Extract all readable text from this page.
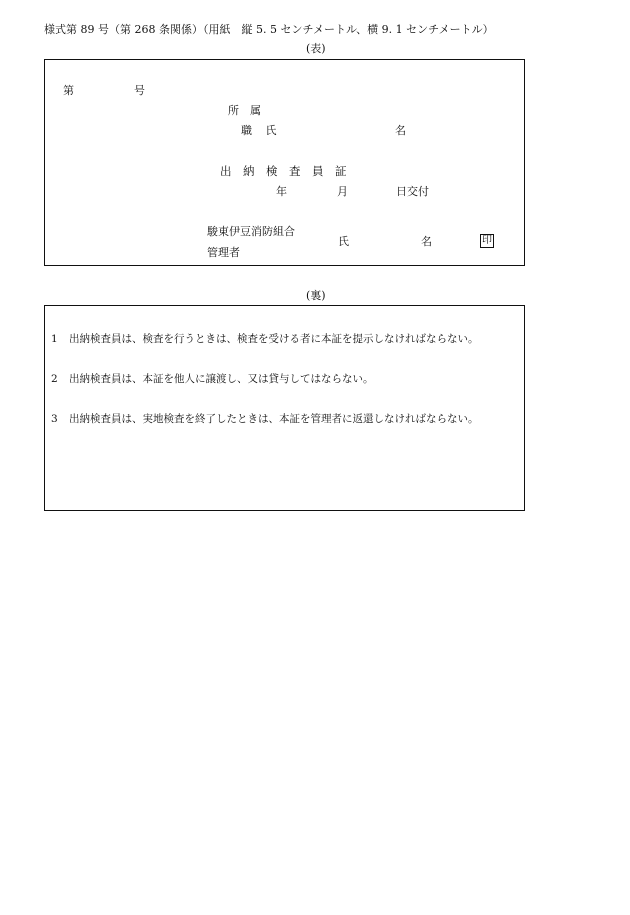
様式第 89 号（第 268 条関係）（用紙　縦 5. 5 センチメートル、横 9. 1 センチメートル）
(表)
第	号
所　属
職 氏	名
出　納　検　査　員　証
年	月	日交付
駿東伊豆消防組合
管理者
氏	名	印
(裏)
1 出納検査員は、検査を行うときは、検査を受ける者に本証を提示しなければならない。
2 出納検査員は、本証を他人に譲渡し、又は貸与してはならない。
3 出納検査員は、実地検査を終了したときは、本証を管理者に返還しなければならない。
